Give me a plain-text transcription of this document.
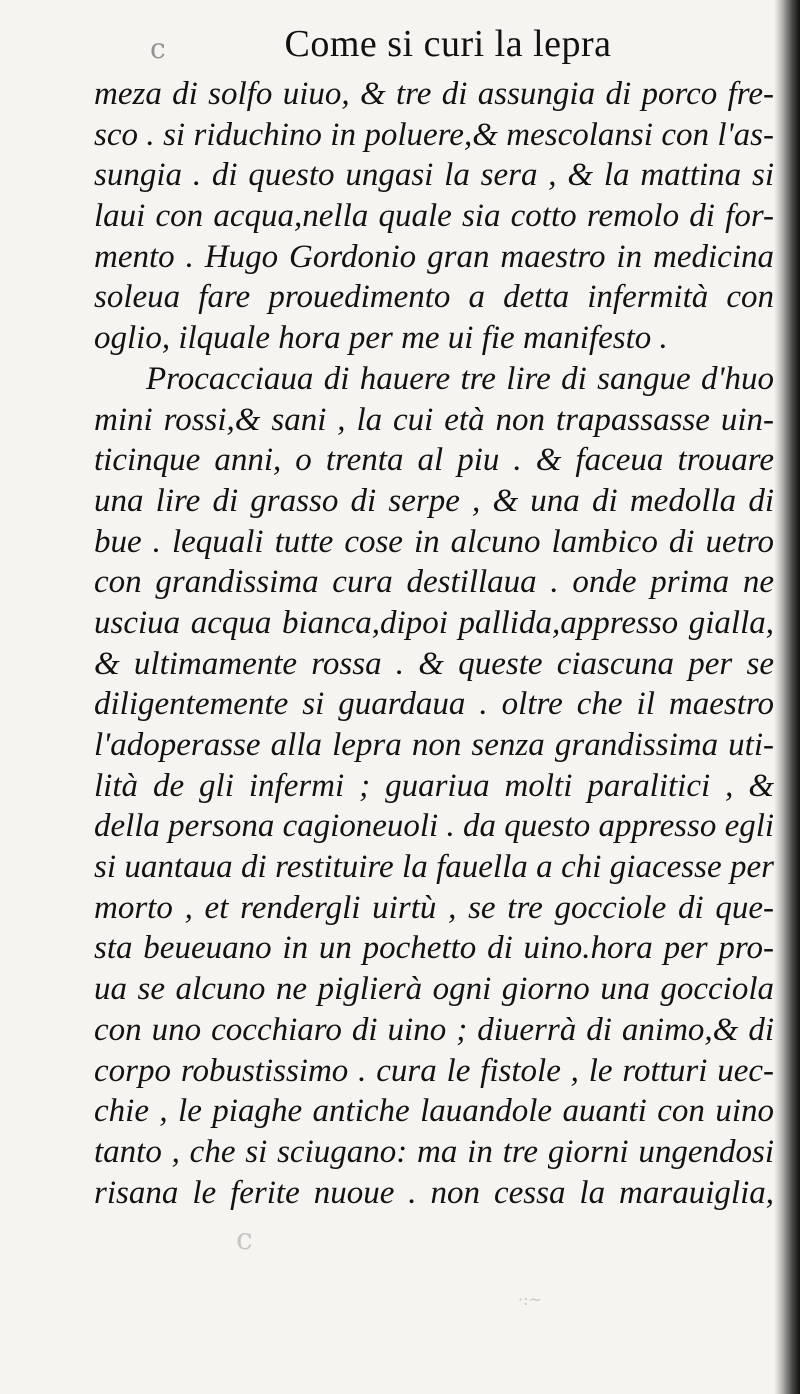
c	Come si curi la lepra
meza di solfo uiuo, & tre di assungia di porco fre-
sco . si riduchino in poluere,& mescolansi con l'as-
sungia . di questo ungasi la sera , & la mattina si
laui con acqua,nella quale sia cotto remolo di for-
mento . Hugo Gordonio gran maestro in medicina
soleua fare prouedimento a detta infermità con
oglio, ilquale hora per me ui fie manifesto .
Procacciaua di hauere tre lire di sangue d'huo
mini rossi,& sani , la cui età non trapassasse uin-
ticinque anni, o trenta al piu . & faceua trouare
una lire di grasso di serpe , & una di medolla di
bue . lequali tutte cose in alcuno lambico di uetro
con grandissima cura destillaua . onde prima ne
usciua acqua bianca,dipoi pallida,appresso gialla,
& ultimamente rossa . & queste ciascuna per se
diligentemente si guardaua . oltre che il maestro
l'adoperasse alla lepra non senza grandissima uti-
lità de gli infermi ; guariua molti paralitici , &
della persona cagioneuoli . da questo appresso egli
si uantaua di restituire la fauella a chi giacesse per
morto , et rendergli uirtù , se tre gocciole di que-
sta beueuano in un pochetto di uino.hora per pro-
ua se alcuno ne piglierà ogni giorno una gocciola
con uno cocchiaro di uino ; diuerrà di animo,& di
corpo robustissimo . cura le fistole , le rotturi uec-
chie , le piaghe antiche lauandole auanti con uino
tanto , che si sciugano: ma in tre giorni ungendosi
risana le ferite nuoue . non cessa la marauiglia,
c
·:~
